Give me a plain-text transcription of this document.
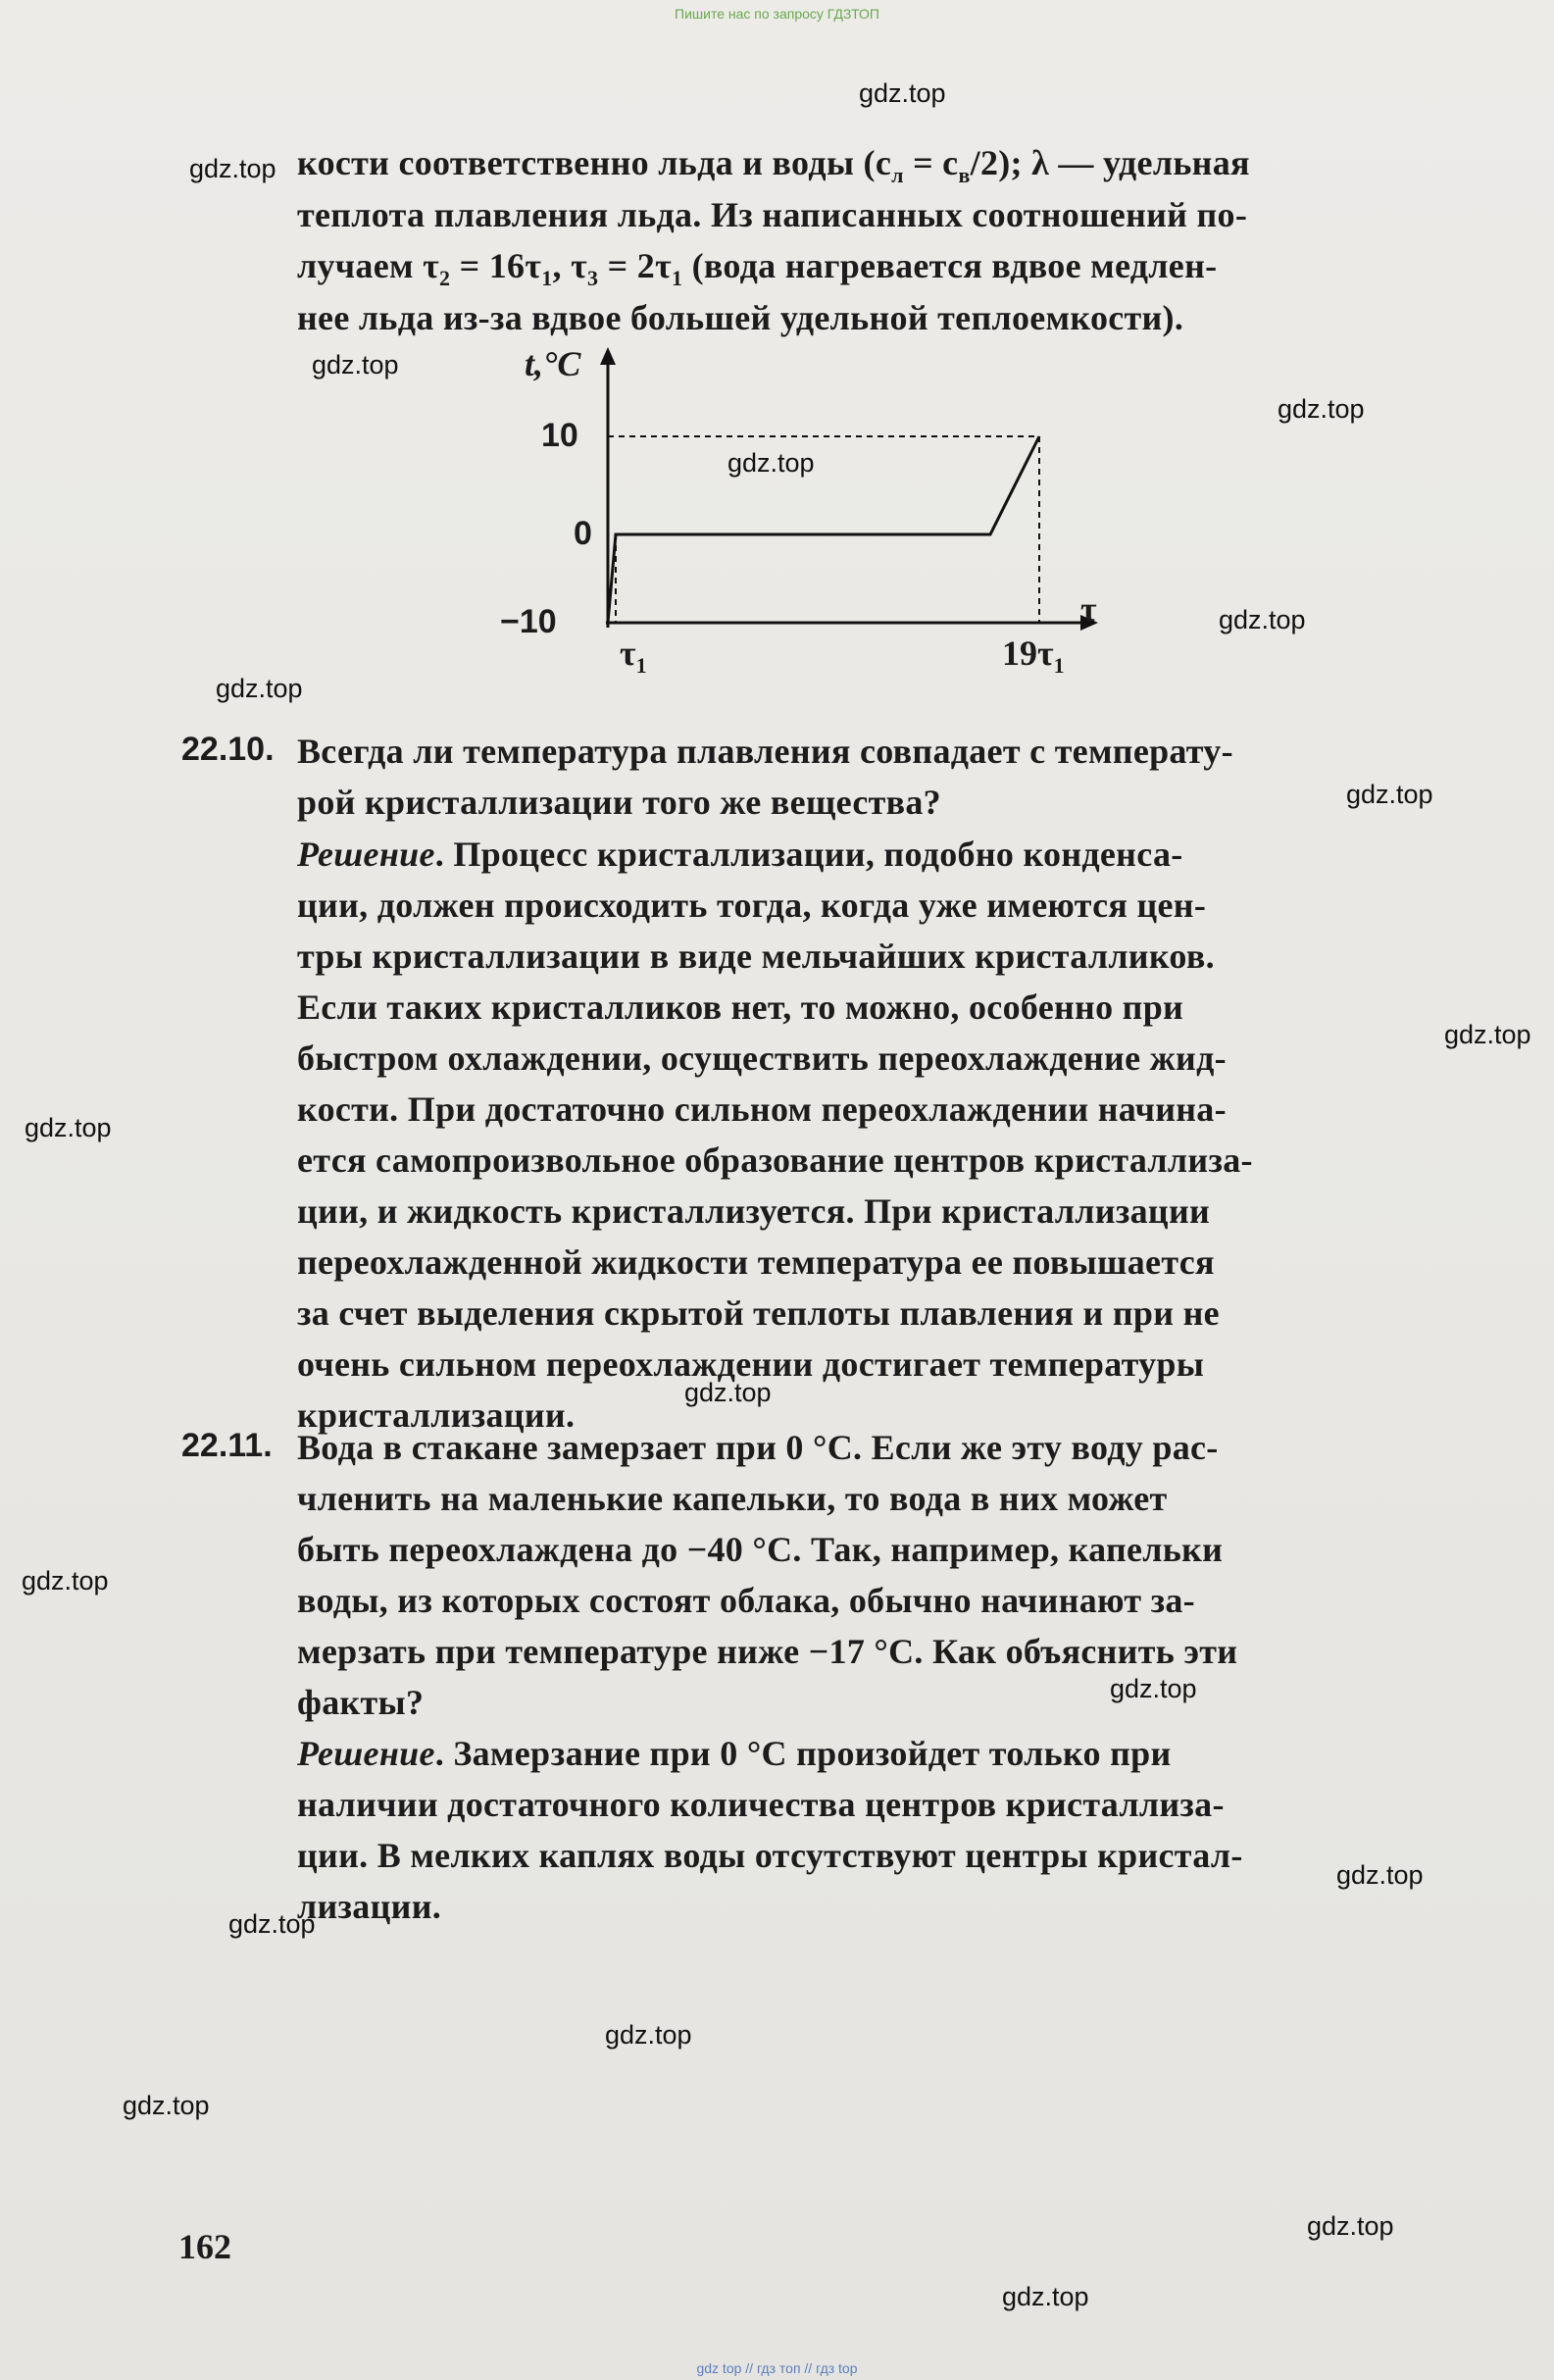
Пишите нас по запросу ГДЗТОП
кости соответственно льда и воды $(с_л = с_в/2)$; λ — удельная
теплота плавления льда. Из написанных соотношений по-
лучаем $\tau_2 = 16\tau_1$, $\tau_3 = 2\tau_1$ (вода нагревается вдвое медлен-
нее льда из-за вдвое большей удельной теплоемкости).
t,°C
10
0
−10	τ
$\tau_1$	$19\tau_1$
22.10. Всегда ли температура плавления совпадает с температу-
рой кристаллизации того же вещества?
Решение. Процесс кристаллизации, подобно конденса-
ции, должен происходить тогда, когда уже имеются цен-
тры кристаллизации в виде мельчайших кристалликов.
Если таких кристалликов нет, то можно, особенно при
быстром охлаждении, осуществить переохлаждение жид-
кости. При достаточно сильном переохлаждении начина-
ется самопроизвольное образование центров кристаллиза-
ции, и жидкость кристаллизуется. При кристаллизации
переохлажденной жидкости температура ее повышается
за счет выделения скрытой теплоты плавления и при не
очень сильном переохлаждении достигает температуры
кристаллизации.
22.11. Вода в стакане замерзает при 0 °С. Если же эту воду рас-
членить на маленькие капельки, то вода в них может
быть переохлаждена до −40 °С. Так, например, капельки
воды, из которых состоят облака, обычно начинают за-
мерзать при температуре ниже −17 °С. Как объяснить эти
факты?
Решение. Замерзание при 0 °С произойдет только при
наличии достаточного количества центров кристаллиза-
ции. В мелких каплях воды отсутствуют центры кристал-
лизации.
162
gdz.top
gdz.top
gdz.top
gdz.top
gdz.top
gdz.top
gdz.top
gdz.top
gdz.top
gdz.top
gdz.top
gdz.top
gdz.top
gdz.top
gdz.top
gdz.top
gdz.top
gdz.top
gdz.top
gdz top // гдз топ // гдз top
